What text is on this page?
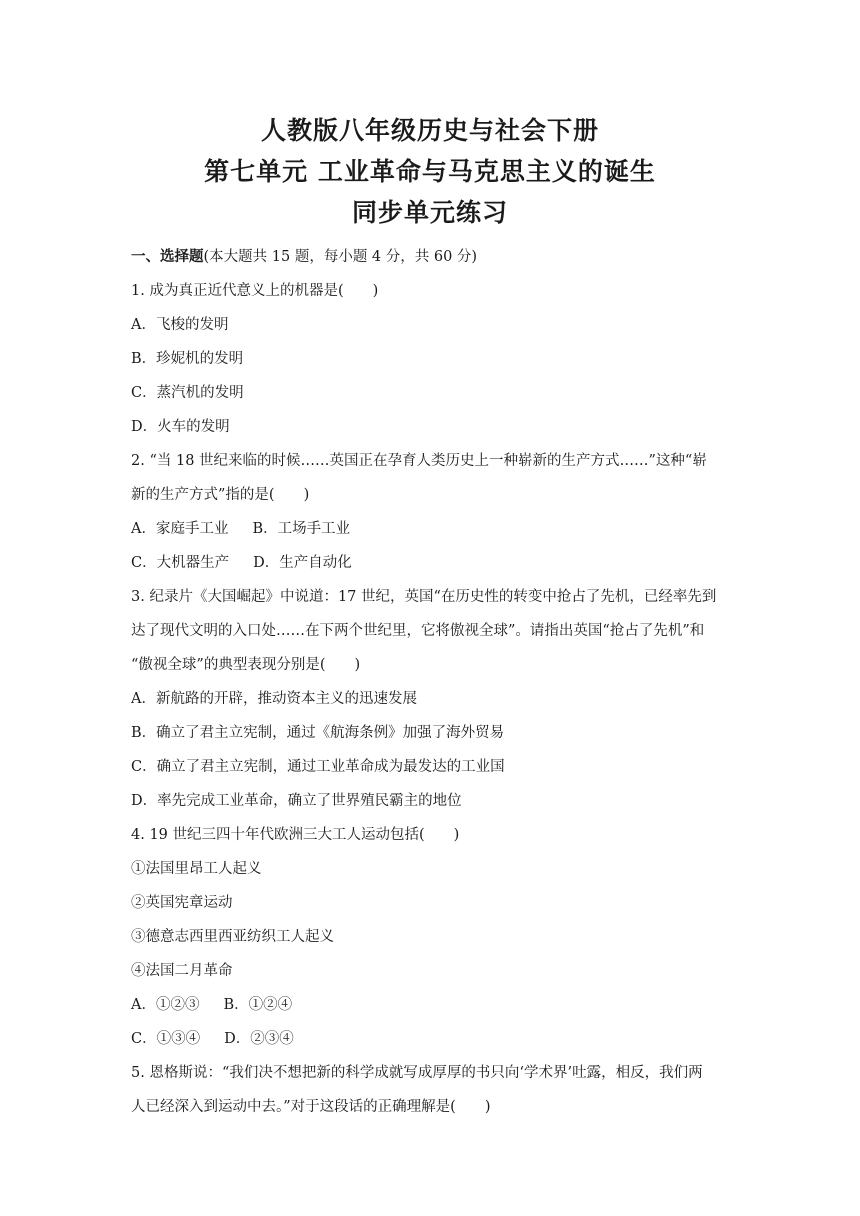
人教版八年级历史与社会下册
第七单元 工业革命与马克思主义的诞生
同步单元练习
一、选择题(本大题共 15 题，每小题 4 分，共 60 分)
1. 成为真正近代意义上的机器是(　　)
A．飞梭的发明
B．珍妮机的发明
C．蒸汽机的发明
D．火车的发明
2. “当 18 世纪来临的时候……英国正在孕育人类历史上一种崭新的生产方式……”这种“崭
新的生产方式”指的是(　　)
A．家庭手工业 B．工场手工业
C．大机器生产 D．生产自动化
3. 纪录片《大国崛起》中说道：17 世纪，英国“在历史性的转变中抢占了先机，已经率先到
达了现代文明的入口处……在下两个世纪里，它将傲视全球”。请指出英国“抢占了先机”和
“傲视全球”的典型表现分别是(　　)
A．新航路的开辟，推动资本主义的迅速发展
B．确立了君主立宪制，通过《航海条例》加强了海外贸易
C．确立了君主立宪制，通过工业革命成为最发达的工业国
D．率先完成工业革命，确立了世界殖民霸主的地位
4. 19 世纪三四十年代欧洲三大工人运动包括(　　)
①法国里昂工人起义
②英国宪章运动
③德意志西里西亚纺织工人起义
④法国二月革命
A．①②③ B．①②④
C．①③④ D．②③④
5. 恩格斯说：“我们决不想把新的科学成就写成厚厚的书只向‘学术界’吐露，相反，我们两
人已经深入到运动中去。”对于这段话的正确理解是(　　)
